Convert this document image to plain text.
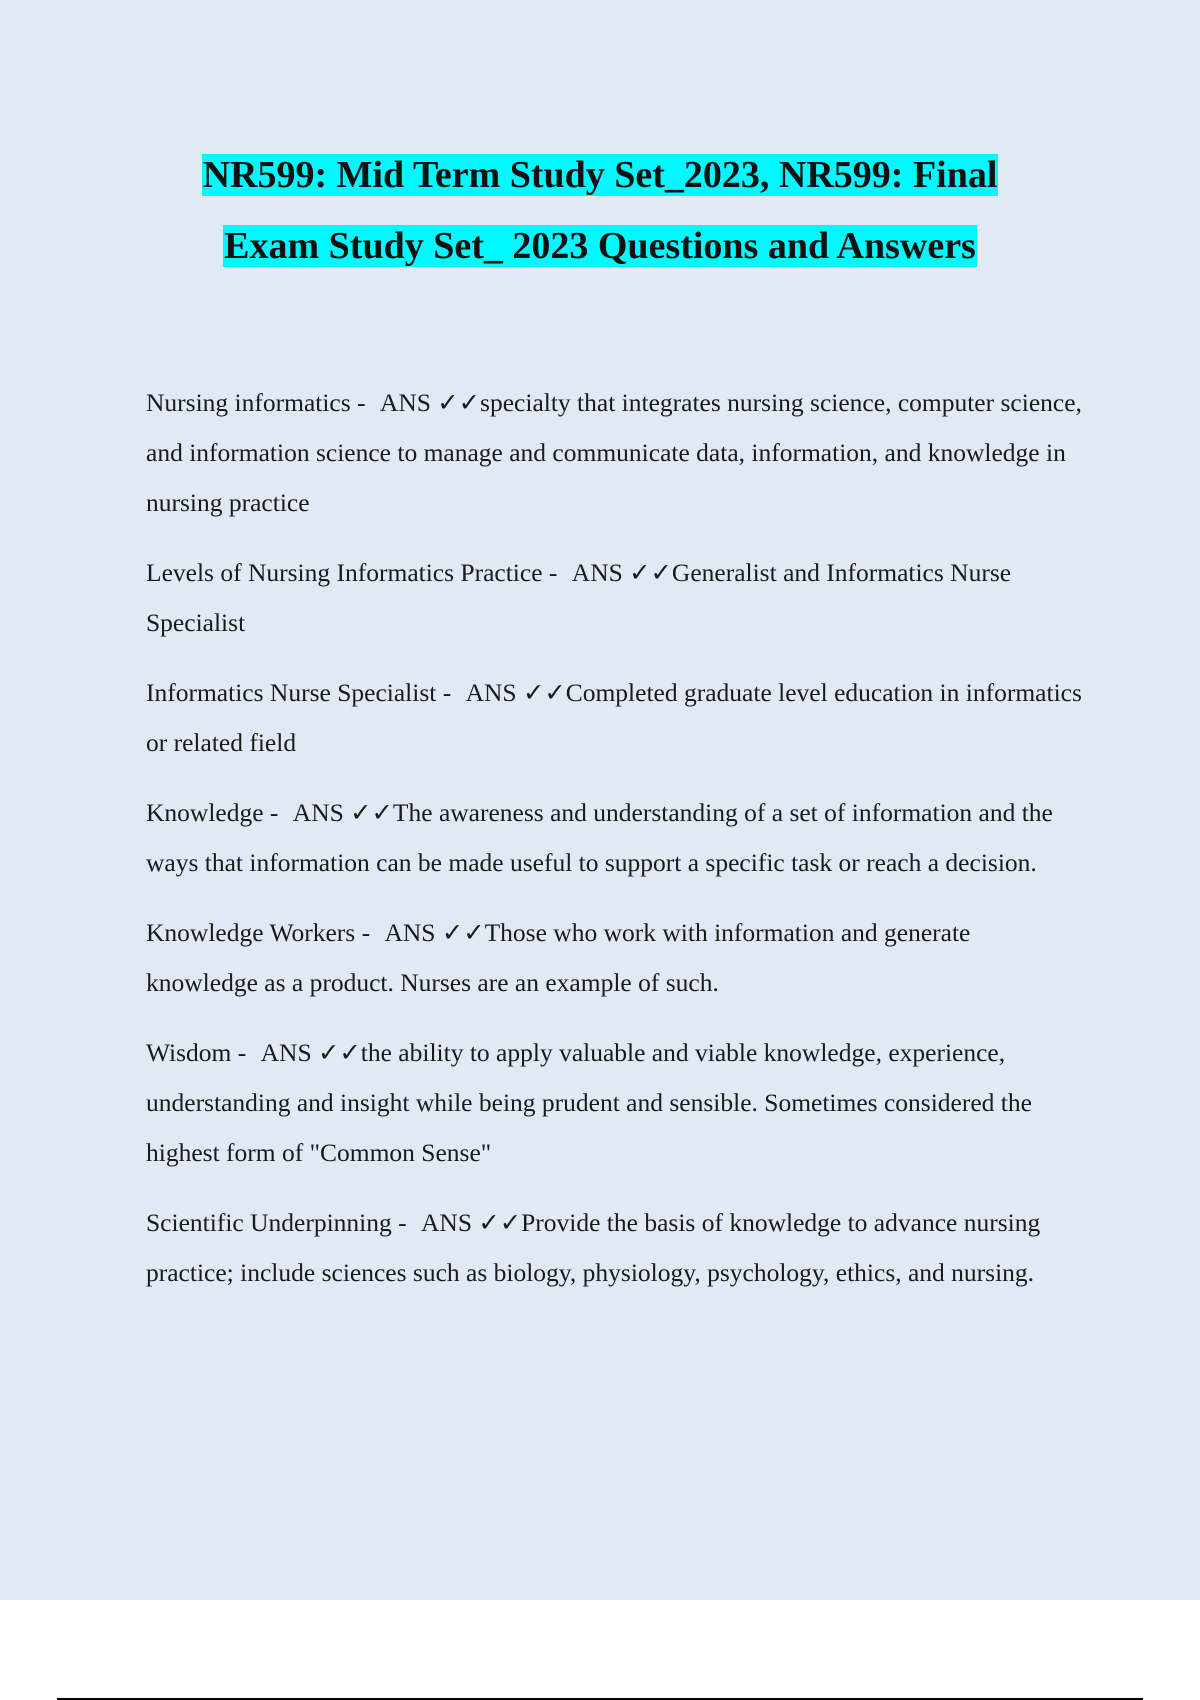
NR599: Mid Term Study Set_2023, NR599: Final
Exam Study Set_ 2023 Questions and Answers

Nursing informatics - ANS ✓✓specialty that integrates nursing science, computer science, and information science to manage and communicate data, information, and knowledge in nursing practice

Levels of Nursing Informatics Practice - ANS ✓✓Generalist and Informatics Nurse Specialist

Informatics Nurse Specialist - ANS ✓✓Completed graduate level education in informatics or related field

Knowledge - ANS ✓✓The awareness and understanding of a set of information and the ways that information can be made useful to support a specific task or reach a decision.

Knowledge Workers - ANS ✓✓Those who work with information and generate knowledge as a product. Nurses are an example of such.

Wisdom - ANS ✓✓the ability to apply valuable and viable knowledge, experience, understanding and insight while being prudent and sensible. Sometimes considered the highest form of "Common Sense"

Scientific Underpinning - ANS ✓✓Provide the basis of knowledge to advance nursing practice; include sciences such as biology, physiology, psychology, ethics, and nursing.
